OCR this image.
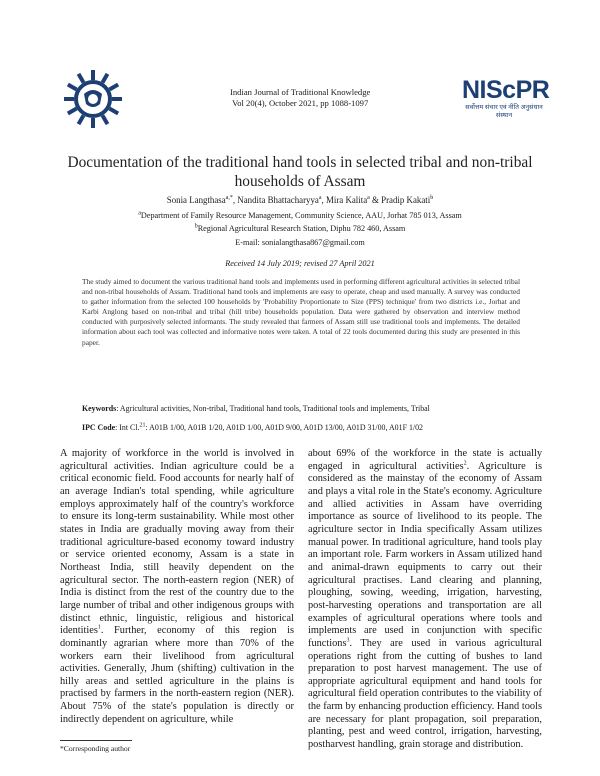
Indian Journal of Traditional Knowledge
Vol 20(4), October 2021, pp 1088-1097	NIScPR
सर्वोत्तम संचार एवं नीति अनुसंधान संस्थान
Documentation of the traditional hand tools in selected tribal and non-tribal
households of Assam
Sonia Langthasa$^{a,*}$, Nandita Bhattacharyya$^a$, Mira Kalita$^a$ & Pradip Kakati$^b$
$^a$Department of Family Resource Management, Community Science, AAU, Jorhat 785 013, Assam
$^b$Regional Agricultural Research Station, Diphu 782 460, Assam
E-mail: sonialangthasa867@gmail.com
Received 14 July 2019; revised 27 April 2021
The study aimed to document the various traditional hand tools and implements used in performing different agricultural activities in selected tribal and non-tribal households of Assam. Traditional hand tools and implements are easy to operate, cheap and used manually. A survey was conducted to gather information from the selected 100 households by 'Probability Proportionate to Size (PPS) technique' from two districts i.e., Jorhat and Karbi Anglong based on non-tribal and tribal (hill tribe) households population. Data were gathered by observation and interview method conducted with purposively selected informants. The study revealed that farmers of Assam still use traditional tools and implements. The detailed information about each tool was collected and informative notes were taken. A total of 22 tools documented during this study are presented in this paper.
Keywords: Agricultural activities, Non-tribal, Traditional hand tools, Traditional tools and implements, Tribal
IPC Code: Int Cl.$^{21}$: A01B 1/00, A01B 1/20, A01D 1/00, A01D 9/00, A01D 13/00, A01D 31/00, A01F 1/02

A majority of workforce in the world is involved in agricultural activities. Indian agriculture could be a critical economic field. Food accounts for nearly half of an average Indian's total spending, while agriculture employs approximately half of the country's workforce to ensure its long-term sustainability. While most other states in India are gradually moving away from their traditional agriculture-based economy toward industry or service oriented economy, Assam is a state in Northeast India, still heavily dependent on the agricultural sector. The north-eastern region (NER) of India is distinct from the rest of the country due to the large number of tribal and other indigenous groups with distinct ethnic, linguistic, religious and historical identities$^1$. Further, economy of this region is dominantly agrarian where more than 70% of the workers earn their livelihood from agricultural activities. Generally, Jhum (shifting) cultivation in the hilly areas and settled agriculture in the plains is practised by farmers in the north-eastern region (NER). About 75% of the state's population is directly or indirectly dependent on agriculture, while

about 69% of the workforce in the state is actually engaged in agricultural activities$^2$. Agriculture is considered as the mainstay of the economy of Assam and plays a vital role in the State's economy. Agriculture and allied activities in Assam have overriding importance as source of livelihood to its people. The agriculture sector in India specifically Assam utilizes manual power. In traditional agriculture, hand tools play an important role. Farm workers in Assam utilized hand and animal-drawn equipments to carry out their agricultural practises. Land clearing and planning, ploughing, sowing, weeding, irrigation, harvesting, post-harvesting operations and transportation are all examples of agricultural operations where tools and implements are used in conjunction with specific functions$^3$. They are used in various agricultural operations right from the cutting of bushes to land preparation to post harvest management. The use of appropriate agricultural equipment and hand tools for agricultural field operation contributes to the viability of the farm by enhancing production efficiency. Hand tools are necessary for plant propagation, soil preparation, planting, pest and weed control, irrigation, harvesting, postharvest handling, grain storage and distribution.

*Corresponding author
